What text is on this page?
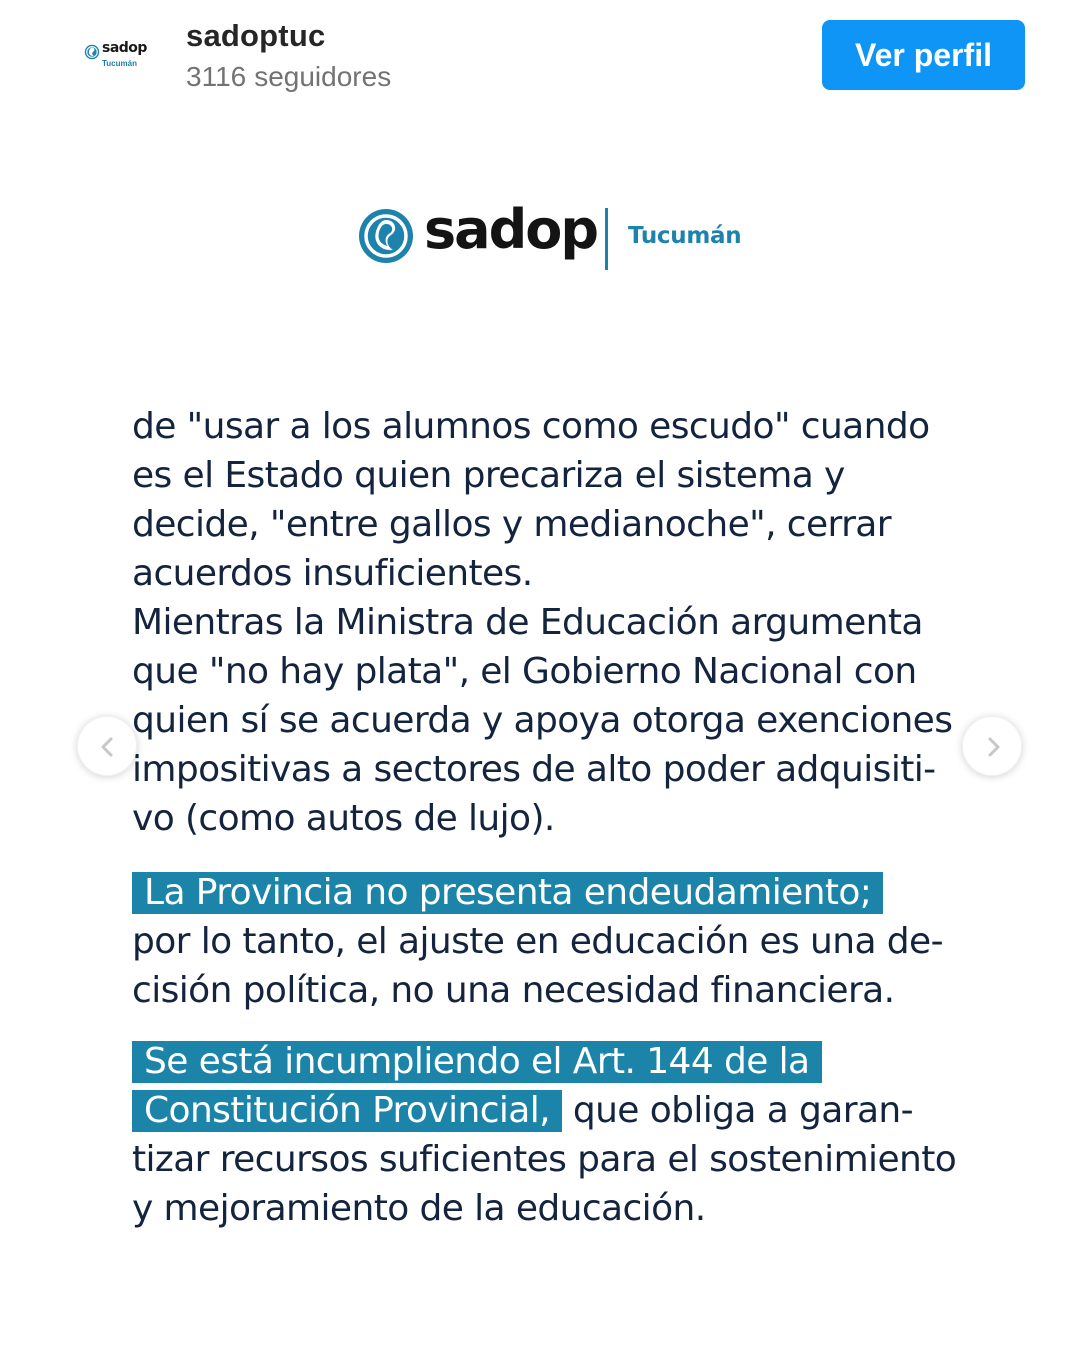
sadop
Tucumán
sadoptuc
3116 seguidores
Ver perfil
sadop Tucumán
de "usar a los alumnos como escudo" cuando
es el Estado quien precariza el sistema y
decide, "entre gallos y medianoche", cerrar
acuerdos insuficientes.
Mientras la Ministra de Educación argumenta
que "no hay plata", el Gobierno Nacional con
quien sí se acuerda y apoya otorga exenciones
impositivas a sectores de alto poder adquisiti-
vo (como autos de lujo).
La Provincia no presenta endeudamiento;
por lo tanto, el ajuste en educación es una de-
cisión política, no una necesidad financiera.
Se está incumpliendo el Art. 144 de la
Constitución Provincial, que obliga a garan-
tizar recursos suficientes para el sostenimiento
y mejoramiento de la educación.
